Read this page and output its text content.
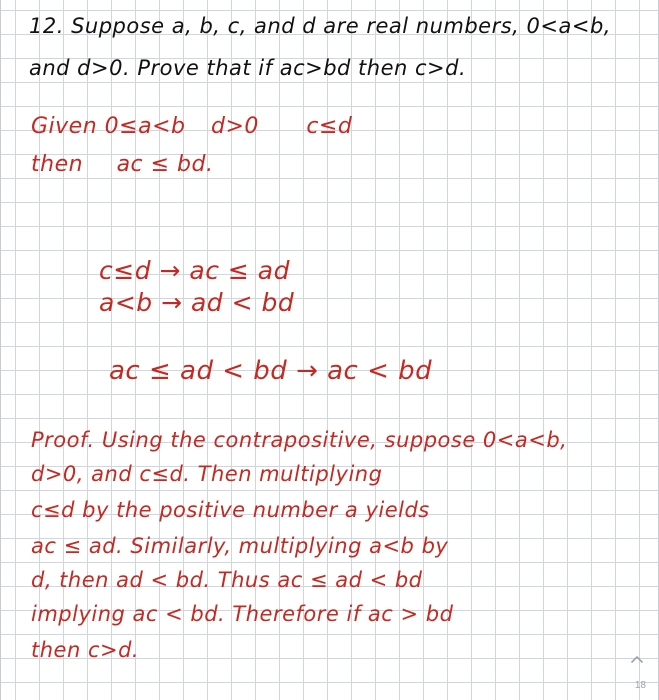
12. Suppose a, b, c, and d are real numbers, 0<a<b,
and d>0. Prove that if ac>bd then c>d.
Given 0≤a<b d>0 c≤d
then ac ≤ bd.
c≤d → ac ≤ ad
a<b → ad < bd
ac ≤ ad < bd → ac < bd
Proof. Using the contrapositive, suppose 0<a<b,
d>0, and c≤d. Then multiplying
c≤d by the positive number a yields
ac ≤ ad. Similarly, multiplying a<b by
d, then ad < bd. Thus ac ≤ ad < bd
implying ac < bd. Therefore if ac > bd
then c>d.
18
